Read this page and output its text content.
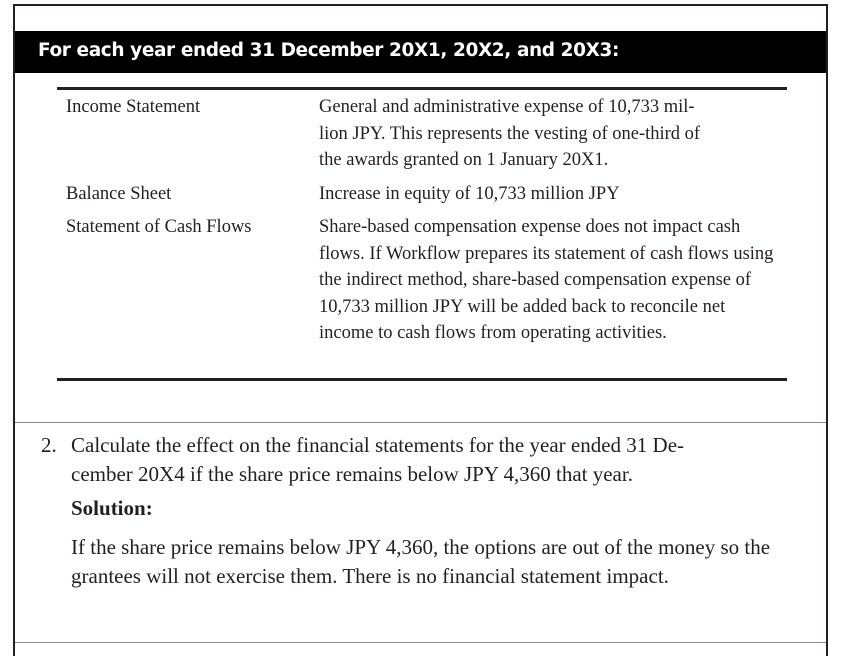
For each year ended 31 December 20X1, 20X2, and 20X3:
Income Statement	General and administrative expense of 10,733 mil-
lion JPY. This represents the vesting of one-third of
the awards granted on 1 January 20X1.
Balance Sheet	Increase in equity of 10,733 million JPY
Statement of Cash Flows	Share-based compensation expense does not impact cash flows. If Workflow prepares its statement of cash flows using the indirect method, share-based compensation expense of 10,733 million JPY will be added back to reconcile net income to cash flows from operating activities.
2. Calculate the effect on the financial statements for the year ended 31 De-
cember 20X4 if the share price remains below JPY 4,360 that year.
Solution:
If the share price remains below JPY 4,360, the options are out of the money so the grantees will not exercise them. There is no financial statement impact.
